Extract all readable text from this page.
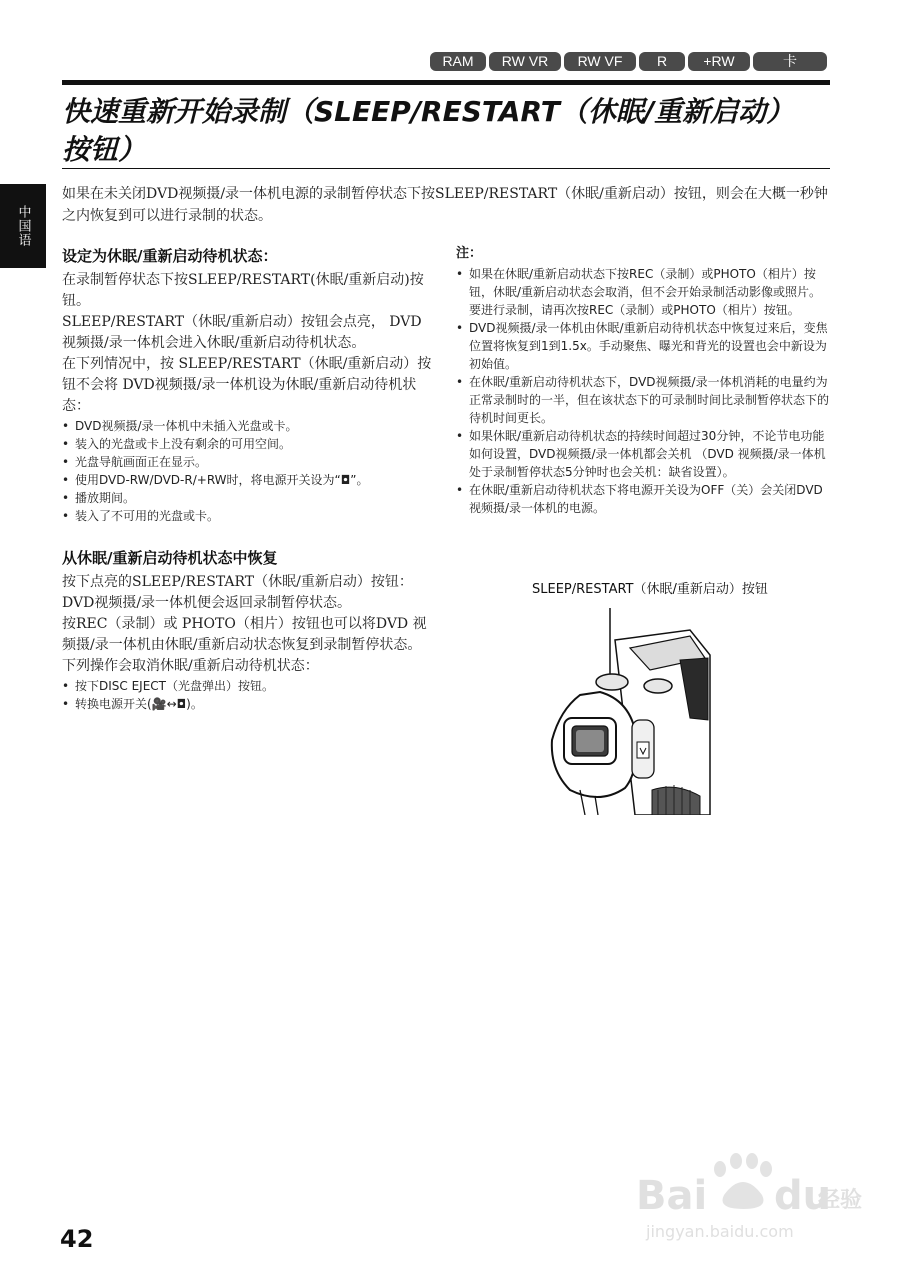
RAM	RW VR	RW VF	R	+RW	卡
快速重新开始录制（SLEEP/RESTART（休眠/重新启动）按钮）
中国语

如果在未关闭DVD视频摄/录一体机电源的录制暂停状态下按SLEEP/RESTART（休眠/重新启动）按钮，则会在大概一秒钟之内恢复到可以进行录制的状态。

设定为休眠/重新启动待机状态：

在录制暂停状态下按SLEEP/RESTART(休眠/重新启动)按钮。

SLEEP/RESTART（休眠/重新启动）按钮会点亮， DVD视频摄/录一体机会进入休眠/重新启动待机状态。

在下列情况中，按 SLEEP/RESTART（休眠/重新启动）按钮不会将 DVD视频摄/录一体机设为休眠/重新启动待机状态：

• DVD视频摄/录一体机中未插入光盘或卡。
• 装入的光盘或卡上没有剩余的可用空间。
• 光盘导航画面正在显示。
• 使用DVD-RW/DVD-R/+RW时，将电源开关设为“◘”。
• 播放期间。
• 装入了不可用的光盘或卡。
从休眠/重新启动待机状态中恢复

按下点亮的SLEEP/RESTART（休眠/重新启动）按钮：

DVD视频摄/录一体机便会返回录制暂停状态。

按REC（录制）或 PHOTO（相片）按钮也可以将DVD 视频摄/录一体机由休眠/重新启动状态恢复到录制暂停状态。

下列操作会取消休眠/重新启动待机状态：

• 按下DISC EJECT（光盘弹出）按钮。
• 转换电源开关(🎥↔◘)。

注：

• 如果在休眠/重新启动状态下按REC（录制）或PHOTO（相片）按钮，休眠/重新启动状态会取消，但不会开始录制活动影像或照片。要进行录制，请再次按REC（录制）或PHOTO（相片）按钮。
• DVD视频摄/录一体机由休眠/重新启动待机状态中恢复过来后，变焦位置将恢复到1到1.5x。手动聚焦、曝光和背光的设置也会中新设为初始值。
• 在休眠/重新启动待机状态下，DVD视频摄/录一体机消耗的电量约为正常录制时的一半，但在该状态下的可录制时间比录制暂停状态下的待机时间更长。
• 如果休眠/重新启动待机状态的持续时间超过30分钟，不论节电功能如何设置，DVD视频摄/录一体机都会关机 （DVD 视频摄/录一体机处于录制暂停状态5分钟时也会关机：缺省设置）。
• 在休眠/重新启动待机状态下将电源开关设为OFF（关）会关闭DVD视频摄/录一体机的电源。
SLEEP/RESTART（休眠/重新启动）按钮

42

Bai du
经验
jingyan.baidu.com
